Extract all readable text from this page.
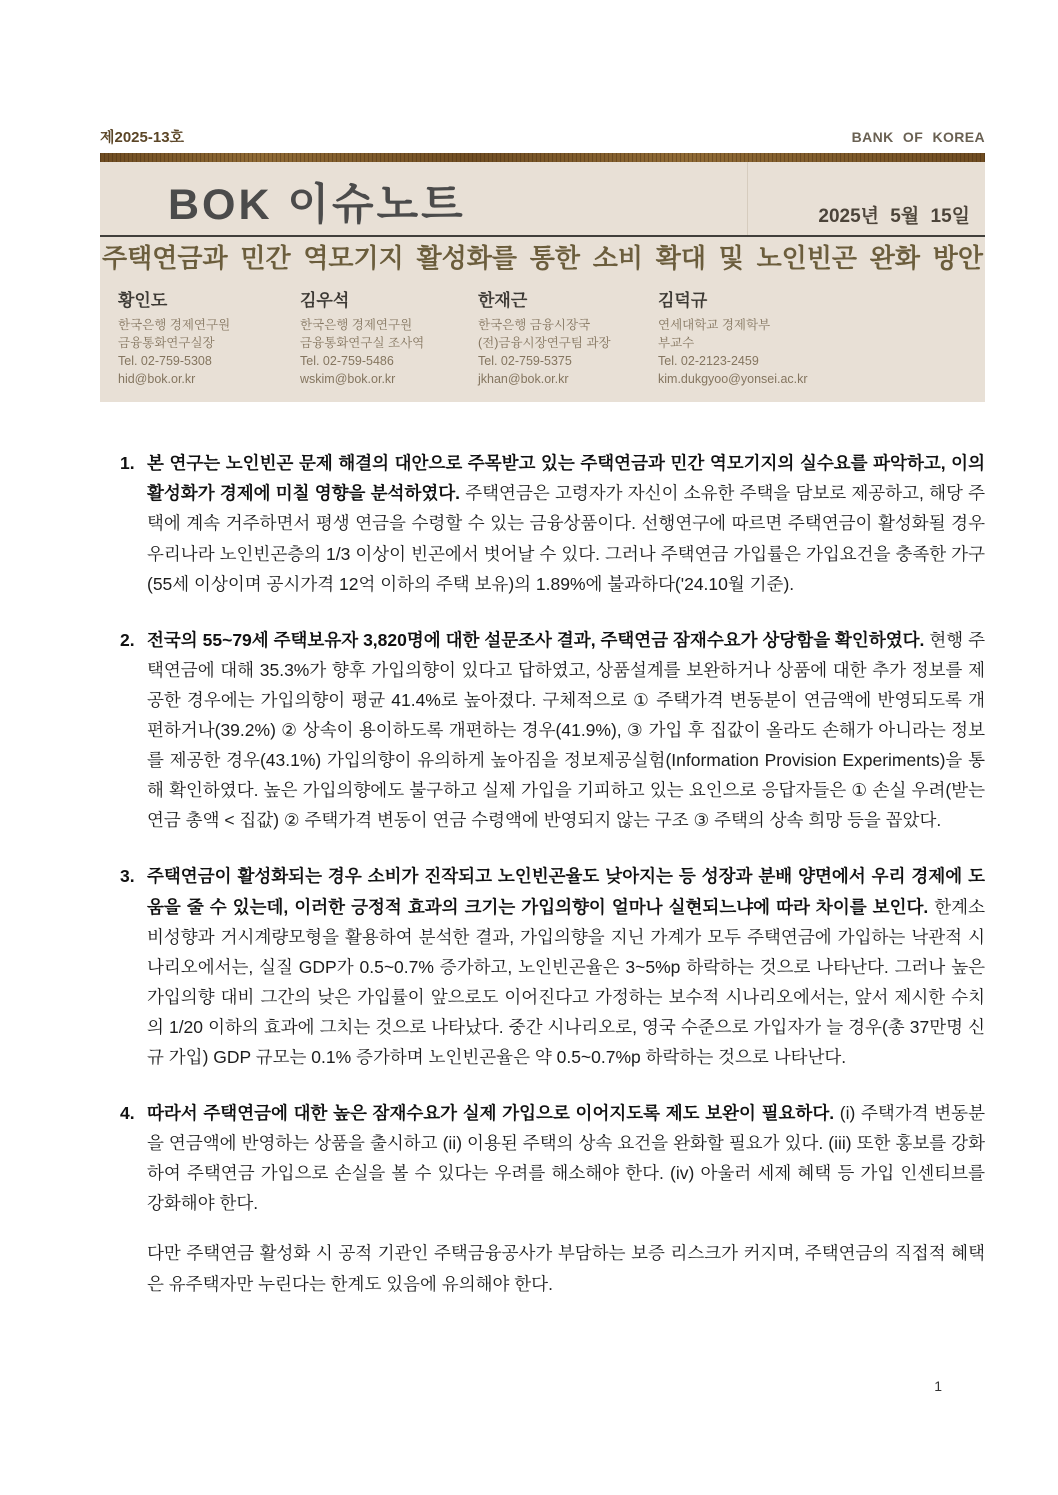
제2025-13호	BANK OF KOREA
BOK 이슈노트	2025년 5월 15일
주택연금과 민간 역모기지 활성화를 통한 소비 확대 및 노인빈곤 완화 방안
황인도
한국은행 경제연구원
금융통화연구실장
Tel. 02-759-5308
hid@bok.or.kr
김우석
한국은행 경제연구원
금융통화연구실 조사역
Tel. 02-759-5486
wskim@bok.or.kr
한재근
한국은행 금융시장국
(전)금융시장연구팀 과장
Tel. 02-759-5375
jkhan@bok.or.kr
김덕규
연세대학교 경제학부
부교수
Tel. 02-2123-2459
kim.dukgyoo@yonsei.ac.kr

1. 본 연구는 노인빈곤 문제 해결의 대안으로 주목받고 있는 주택연금과 민간 역모기지의 실수요를 파악하고, 이의 활성화가 경제에 미칠 영향을 분석하였다. 주택연금은 고령자가 자신이 소유한 주택을 담보로 제공하고, 해당 주택에 계속 거주하면서 평생 연금을 수령할 수 있는 금융상품이다. 선행연구에 따르면 주택연금이 활성화될 경우 우리나라 노인빈곤층의 1/3 이상이 빈곤에서 벗어날 수 있다. 그러나 주택연금 가입률은 가입요건을 충족한 가구(55세 이상이며 공시가격 12억 이하의 주택 보유)의 1.89%에 불과하다('24.10월 기준).

2. 전국의 55~79세 주택보유자 3,820명에 대한 설문조사 결과, 주택연금 잠재수요가 상당함을 확인하였다. 현행 주택연금에 대해 35.3%가 향후 가입의향이 있다고 답하였고, 상품설계를 보완하거나 상품에 대한 추가 정보를 제공한 경우에는 가입의향이 평균 41.4%로 높아졌다. 구체적으로 ① 주택가격 변동분이 연금액에 반영되도록 개편하거나(39.2%) ② 상속이 용이하도록 개편하는 경우(41.9%), ③ 가입 후 집값이 올라도 손해가 아니라는 정보를 제공한 경우(43.1%) 가입의향이 유의하게 높아짐을 정보제공실험(Information Provision Experiments)을 통해 확인하였다. 높은 가입의향에도 불구하고 실제 가입을 기피하고 있는 요인으로 응답자들은 ① 손실 우려(받는 연금 총액 < 집값) ② 주택가격 변동이 연금 수령액에 반영되지 않는 구조 ③ 주택의 상속 희망 등을 꼽았다.

3. 주택연금이 활성화되는 경우 소비가 진작되고 노인빈곤율도 낮아지는 등 성장과 분배 양면에서 우리 경제에 도움을 줄 수 있는데, 이러한 긍정적 효과의 크기는 가입의향이 얼마나 실현되느냐에 따라 차이를 보인다. 한계소비성향과 거시계량모형을 활용하여 분석한 결과, 가입의향을 지닌 가계가 모두 주택연금에 가입하는 낙관적 시나리오에서는, 실질 GDP가 0.5~0.7% 증가하고, 노인빈곤율은 3~5%p 하락하는 것으로 나타난다. 그러나 높은 가입의향 대비 그간의 낮은 가입률이 앞으로도 이어진다고 가정하는 보수적 시나리오에서는, 앞서 제시한 수치의 1/20 이하의 효과에 그치는 것으로 나타났다. 중간 시나리오로, 영국 수준으로 가입자가 늘 경우(총 37만명 신규 가입) GDP 규모는 0.1% 증가하며 노인빈곤율은 약 0.5~0.7%p 하락하는 것으로 나타난다.

4. 따라서 주택연금에 대한 높은 잠재수요가 실제 가입으로 이어지도록 제도 보완이 필요하다. (i) 주택가격 변동분을 연금액에 반영하는 상품을 출시하고 (ii) 이용된 주택의 상속 요건을 완화할 필요가 있다. (iii) 또한 홍보를 강화하여 주택연금 가입으로 손실을 볼 수 있다는 우려를 해소해야 한다. (iv) 아울러 세제 혜택 등 가입 인센티브를 강화해야 한다.

다만 주택연금 활성화 시 공적 기관인 주택금융공사가 부담하는 보증 리스크가 커지며, 주택연금의 직접적 혜택은 유주택자만 누린다는 한계도 있음에 유의해야 한다.

1
